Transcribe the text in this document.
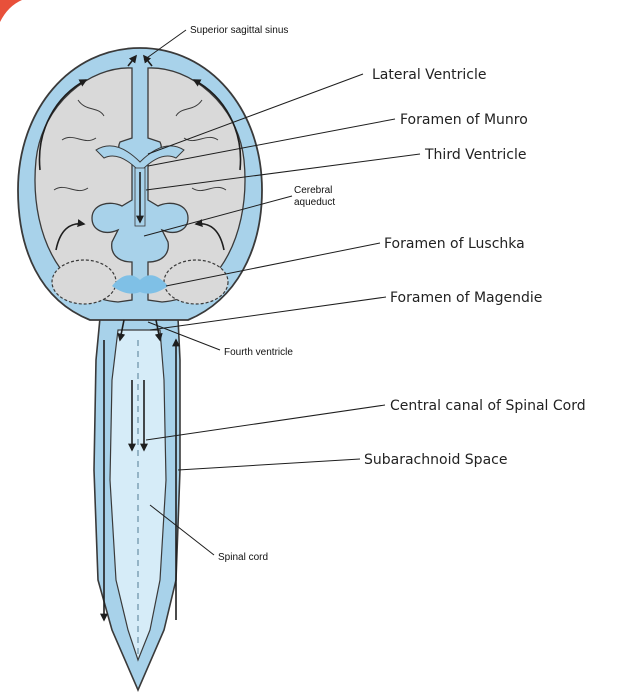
Superior sagittal sinus
Lateral Ventricle
Foramen of Munro
Third Ventricle
Cerebral
aqueduct
Foramen of Luschka
Foramen of Magendie
Fourth ventricle
Central canal of Spinal Cord
Subarachnoid Space
Spinal cord
